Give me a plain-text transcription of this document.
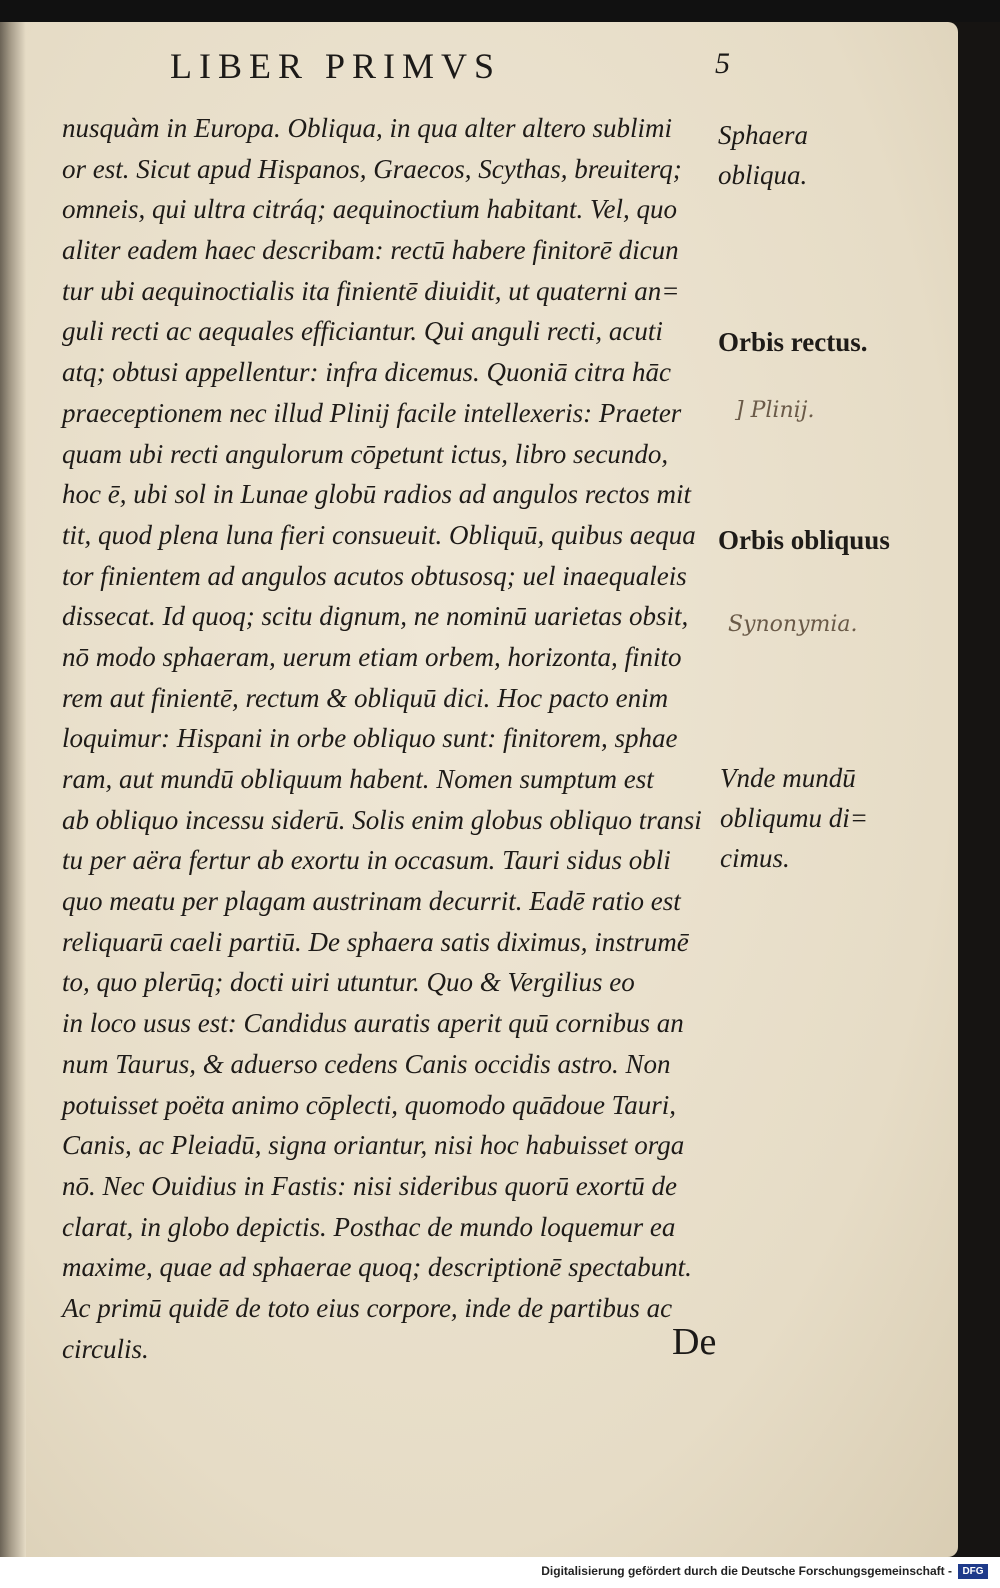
LIBER PRIMVS	5
nusquàm in Europa. Obliqua, in qua alter altero sublimi
or est. Sicut apud Hispanos, Graecos, Scythas, breuiterq;
omneis, qui ultra citráq; aequinoctium habitant. Vel, quo
aliter eadem haec describam: rectū habere finitorē dicun
tur ubi aequinoctialis ita finientē diuidit, ut quaterni an=
guli recti ac aequales efficiantur. Qui anguli recti, acuti
atq; obtusi appellentur: infra dicemus. Quoniā citra hāc
praeceptionem nec illud Plinij facile intellexeris: Praeter
quam ubi recti angulorum cōpetunt ictus, libro secundo,
hoc ē, ubi sol in Lunae globū radios ad angulos rectos mit
tit, quod plena luna fieri consueuit. Obliquū, quibus aequa
tor finientem ad angulos acutos obtusosq; uel inaequaleis
dissecat. Id quoq; scitu dignum, ne nominū uarietas obsit,
nō modo sphaeram, uerum etiam orbem, horizonta, finito
rem aut finientē, rectum & obliquū dici. Hoc pacto enim
loquimur: Hispani in orbe obliquo sunt: finitorem, sphae
ram, aut mundū obliquum habent. Nomen sumptum est
ab obliquo incessu siderū. Solis enim globus obliquo transi
tu per aëra fertur ab exortu in occasum. Tauri sidus obli
quo meatu per plagam austrinam decurrit. Eadē ratio est
reliquarū caeli partiū. De sphaera satis diximus, instrumē
to, quo plerūq; docti uiri utuntur. Quo & Vergilius eo
in loco usus est: Candidus auratis aperit quū cornibus an
num Taurus, & aduerso cedens Canis occidis astro. Non
potuisset poëta animo cōplecti, quomodo quādoue Tauri,
Canis, ac Pleiadū, signa oriantur, nisi hoc habuisset orga
nō. Nec Ouidius in Fastis: nisi sideribus quorū exortū de
clarat, in globo depictis. Posthac de mundo loquemur ea
maxime, quae ad sphaerae quoq; descriptionē spectabunt.
Ac primū quidē de toto eius corpore, inde de partibus ac
circulis.	De
Sphaera
obliqua.
Orbis rectus.
Orbis obliquus
Vnde mundū
obliqumu di=
cimus.
] Plinij.
Synonymia.
Digitalisierung gefördert durch die Deutsche Forschungsgemeinschaft -	DFG
